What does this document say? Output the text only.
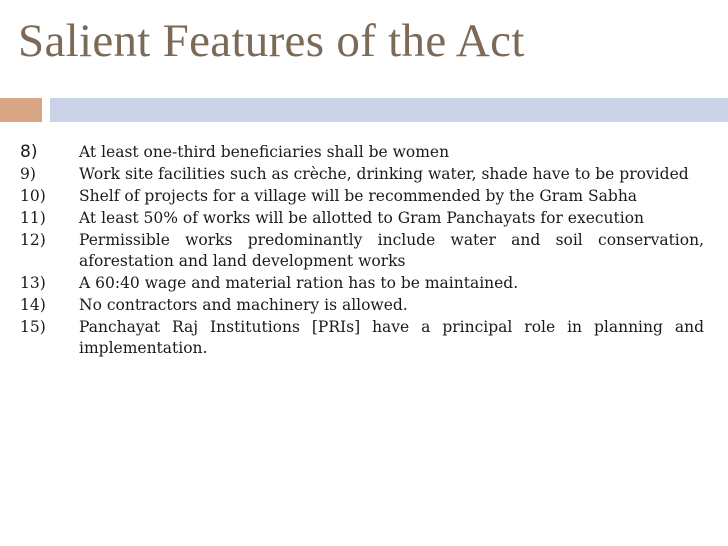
Salient Features of the Act
8)	At least one-third beneficiaries shall be women
9)	Work site facilities such as crèche, drinking water, shade have to be provided
10)	Shelf of projects for a village will be recommended by the Gram Sabha
11)	At least 50% of works will be allotted to Gram Panchayats for execution
12)	Permissible works predominantly include water and soil conservation, aforestation and land development works
13)	A 60:40 wage and material ration has to be maintained.
14)	No contractors and machinery is allowed.
15)	Panchayat Raj Institutions [PRIs] have a principal role in planning and implementation.
